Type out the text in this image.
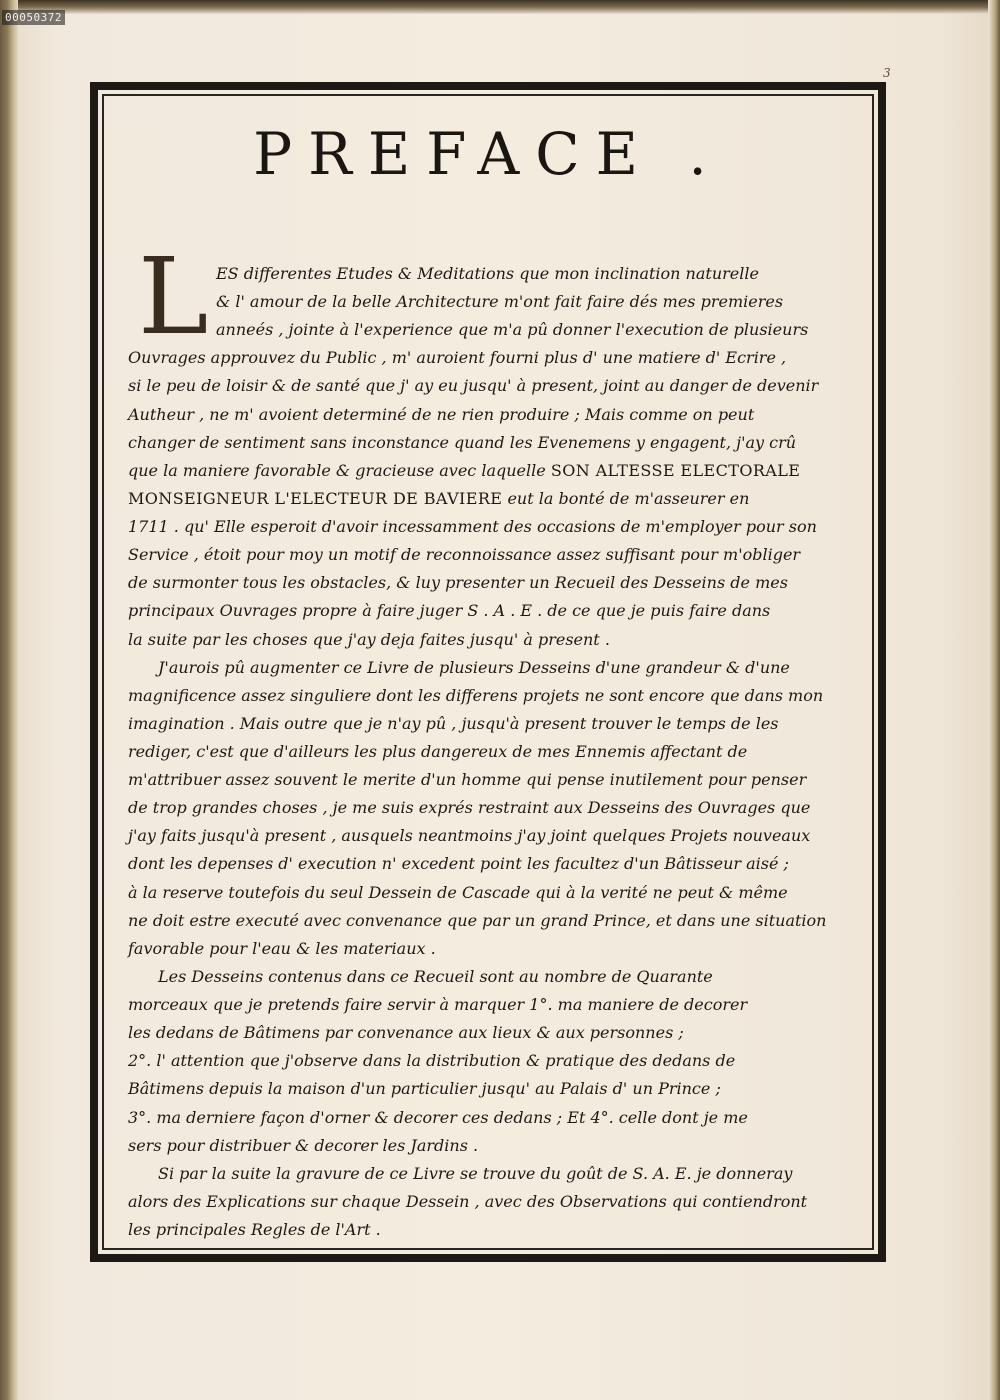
00050372
3
PREFACE .
L ES differentes Etudes & Meditations que mon inclination naturelle
& l' amour de la belle Architecture m'ont fait faire dés mes premieres
anneés , jointe à l'experience que m'a pû donner l'execution de plusieurs
Ouvrages approuvez du Public , m' auroient fourni plus d' une matiere d' Ecrire ,
si le peu de loisir & de santé que j' ay eu jusqu' à present, joint au danger de devenir
Autheur , ne m' avoient determiné de ne rien produire ; Mais comme on peut
changer de sentiment sans inconstance quand les Evenemens y engagent, j'ay crû
que la maniere favorable & gracieuse avec laquelle SON ALTESSE ELECTORALE
MONSEIGNEUR L'ELECTEUR DE BAVIERE eut la bonté de m'asseurer en
1711 . qu' Elle esperoit d'avoir incessamment des occasions de m'employer pour son
Service , étoit pour moy un motif de reconnoissance assez suffisant pour m'obliger
de surmonter tous les obstacles, & luy presenter un Recueil des Desseins de mes
principaux Ouvrages propre à faire juger S . A . E . de ce que je puis faire dans
la suite par les choses que j'ay deja faites jusqu' à present .
J'aurois pû augmenter ce Livre de plusieurs Desseins d'une grandeur & d'une
magnificence assez singuliere dont les differens projets ne sont encore que dans mon
imagination . Mais outre que je n'ay pû , jusqu'à present trouver le temps de les
rediger, c'est que d'ailleurs les plus dangereux de mes Ennemis affectant de
m'attribuer assez souvent le merite d'un homme qui pense inutilement pour penser
de trop grandes choses , je me suis exprés restraint aux Desseins des Ouvrages que
j'ay faits jusqu'à present , ausquels neantmoins j'ay joint quelques Projets nouveaux
dont les depenses d' execution n' excedent point les facultez d'un Bâtisseur aisé ;
à la reserve toutefois du seul Dessein de Cascade qui à la verité ne peut & même
ne doit estre executé avec convenance que par un grand Prince, et dans une situation
favorable pour l'eau & les materiaux .
Les Desseins contenus dans ce Recueil sont au nombre de Quarante
morceaux que je pretends faire servir à marquer 1°. ma maniere de decorer
les dedans de Bâtimens par convenance aux lieux & aux personnes ;
2°. l' attention que j'observe dans la distribution & pratique des dedans de
Bâtimens depuis la maison d'un particulier jusqu' au Palais d' un Prince ;
3°. ma derniere façon d'orner & decorer ces dedans ; Et 4°. celle dont je me
sers pour distribuer & decorer les Jardins .
Si par la suite la gravure de ce Livre se trouve du goût de S. A. E. je donneray
alors des Explications sur chaque Dessein , avec des Observations qui contiendront
les principales Regles de l'Art .
